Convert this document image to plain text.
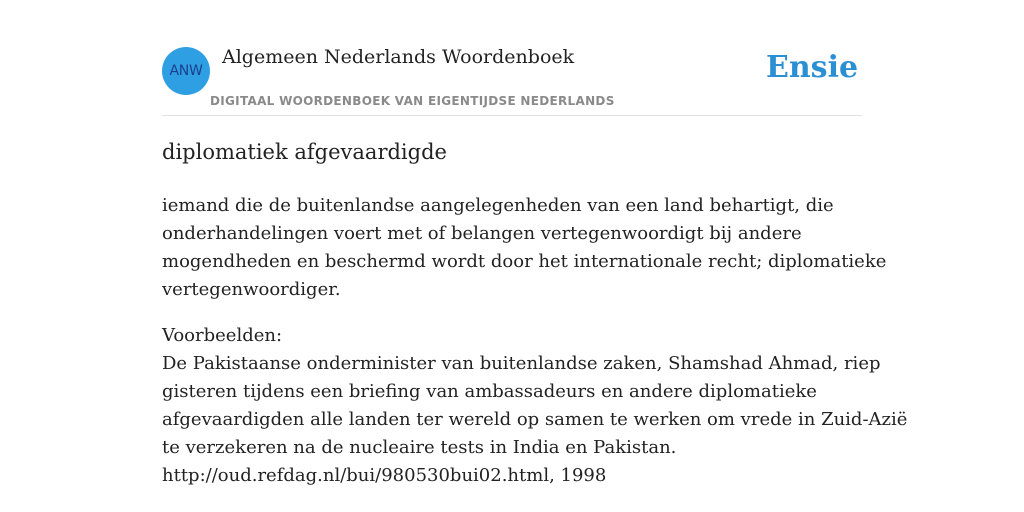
ANW
Algemeen Nederlands Woordenboek
DIGITAAL WOORDENBOEK VAN EIGENTIJDSE NEDERLANDS
Ensie
diplomatiek afgevaardigde
iemand die de buitenlandse aangelegenheden van een land behartigt, die
onderhandelingen voert met of belangen vertegenwoordigt bij andere
mogendheden en beschermd wordt door het internationale recht; diplomatieke
vertegenwoordiger.
Voorbeelden:
De Pakistaanse onderminister van buitenlandse zaken, Shamshad Ahmad, riep
gisteren tijdens een briefing van ambassadeurs en andere diplomatieke
afgevaardigden alle landen ter wereld op samen te werken om vrede in Zuid-Azië
te verzekeren na de nucleaire tests in India en Pakistan.
http://oud.refdag.nl/bui/980530bui02.html, 1998
